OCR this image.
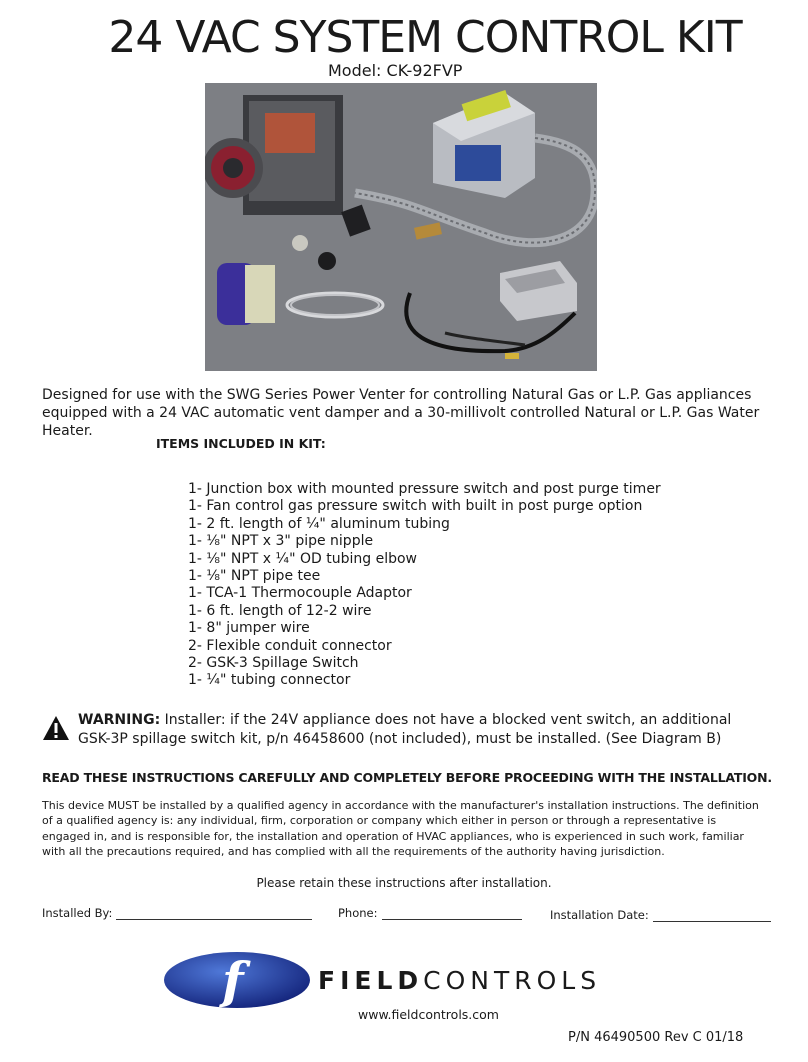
24 VAC SYSTEM CONTROL KIT
Model: CK-92FVP
Designed for use with the SWG Series Power Venter for controlling Natural Gas or L.P. Gas appliances equipped with a 24 VAC automatic vent damper and a 30-millivolt controlled Natural or L.P. Gas Water Heater.
ITEMS INCLUDED IN KIT:
1- Junction box with mounted pressure switch and post purge timer
1- Fan control gas pressure switch with built in post purge option
1- 2 ft. length of ¼" aluminum tubing
1- ⅛" NPT x 3" pipe nipple
1- ⅛" NPT x ¼" OD tubing elbow
1- ⅛" NPT pipe tee
1- TCA-1 Thermocouple Adaptor
1- 6 ft. length of 12-2 wire
1- 8" jumper wire
2- Flexible conduit connector
2- GSK-3 Spillage Switch
1- ¼" tubing connector
WARNING: Installer: if the 24V appliance does not have a blocked vent switch, an additional GSK-3P spillage switch kit, p/n 46458600 (not included), must be installed. (See Diagram B)
READ THESE INSTRUCTIONS CAREFULLY AND COMPLETELY BEFORE PROCEEDING WITH THE INSTALLATION.
This device MUST be installed by a qualified agency in accordance with the manufacturer's installation instructions. The definition of a qualified agency is: any individual, firm, corporation or company which either in person or through a representative is engaged in, and is responsible for, the installation and operation of HVAC appliances, who is experienced in such work, familiar with all the precautions required, and has complied with all the requirements of the authority having jurisdiction.
Please retain these instructions after installation.
Installed By:	Phone:	Installation Date:
f	FIELDCONTROLS
www.fieldcontrols.com
P/N 46490500 Rev C 01/18
